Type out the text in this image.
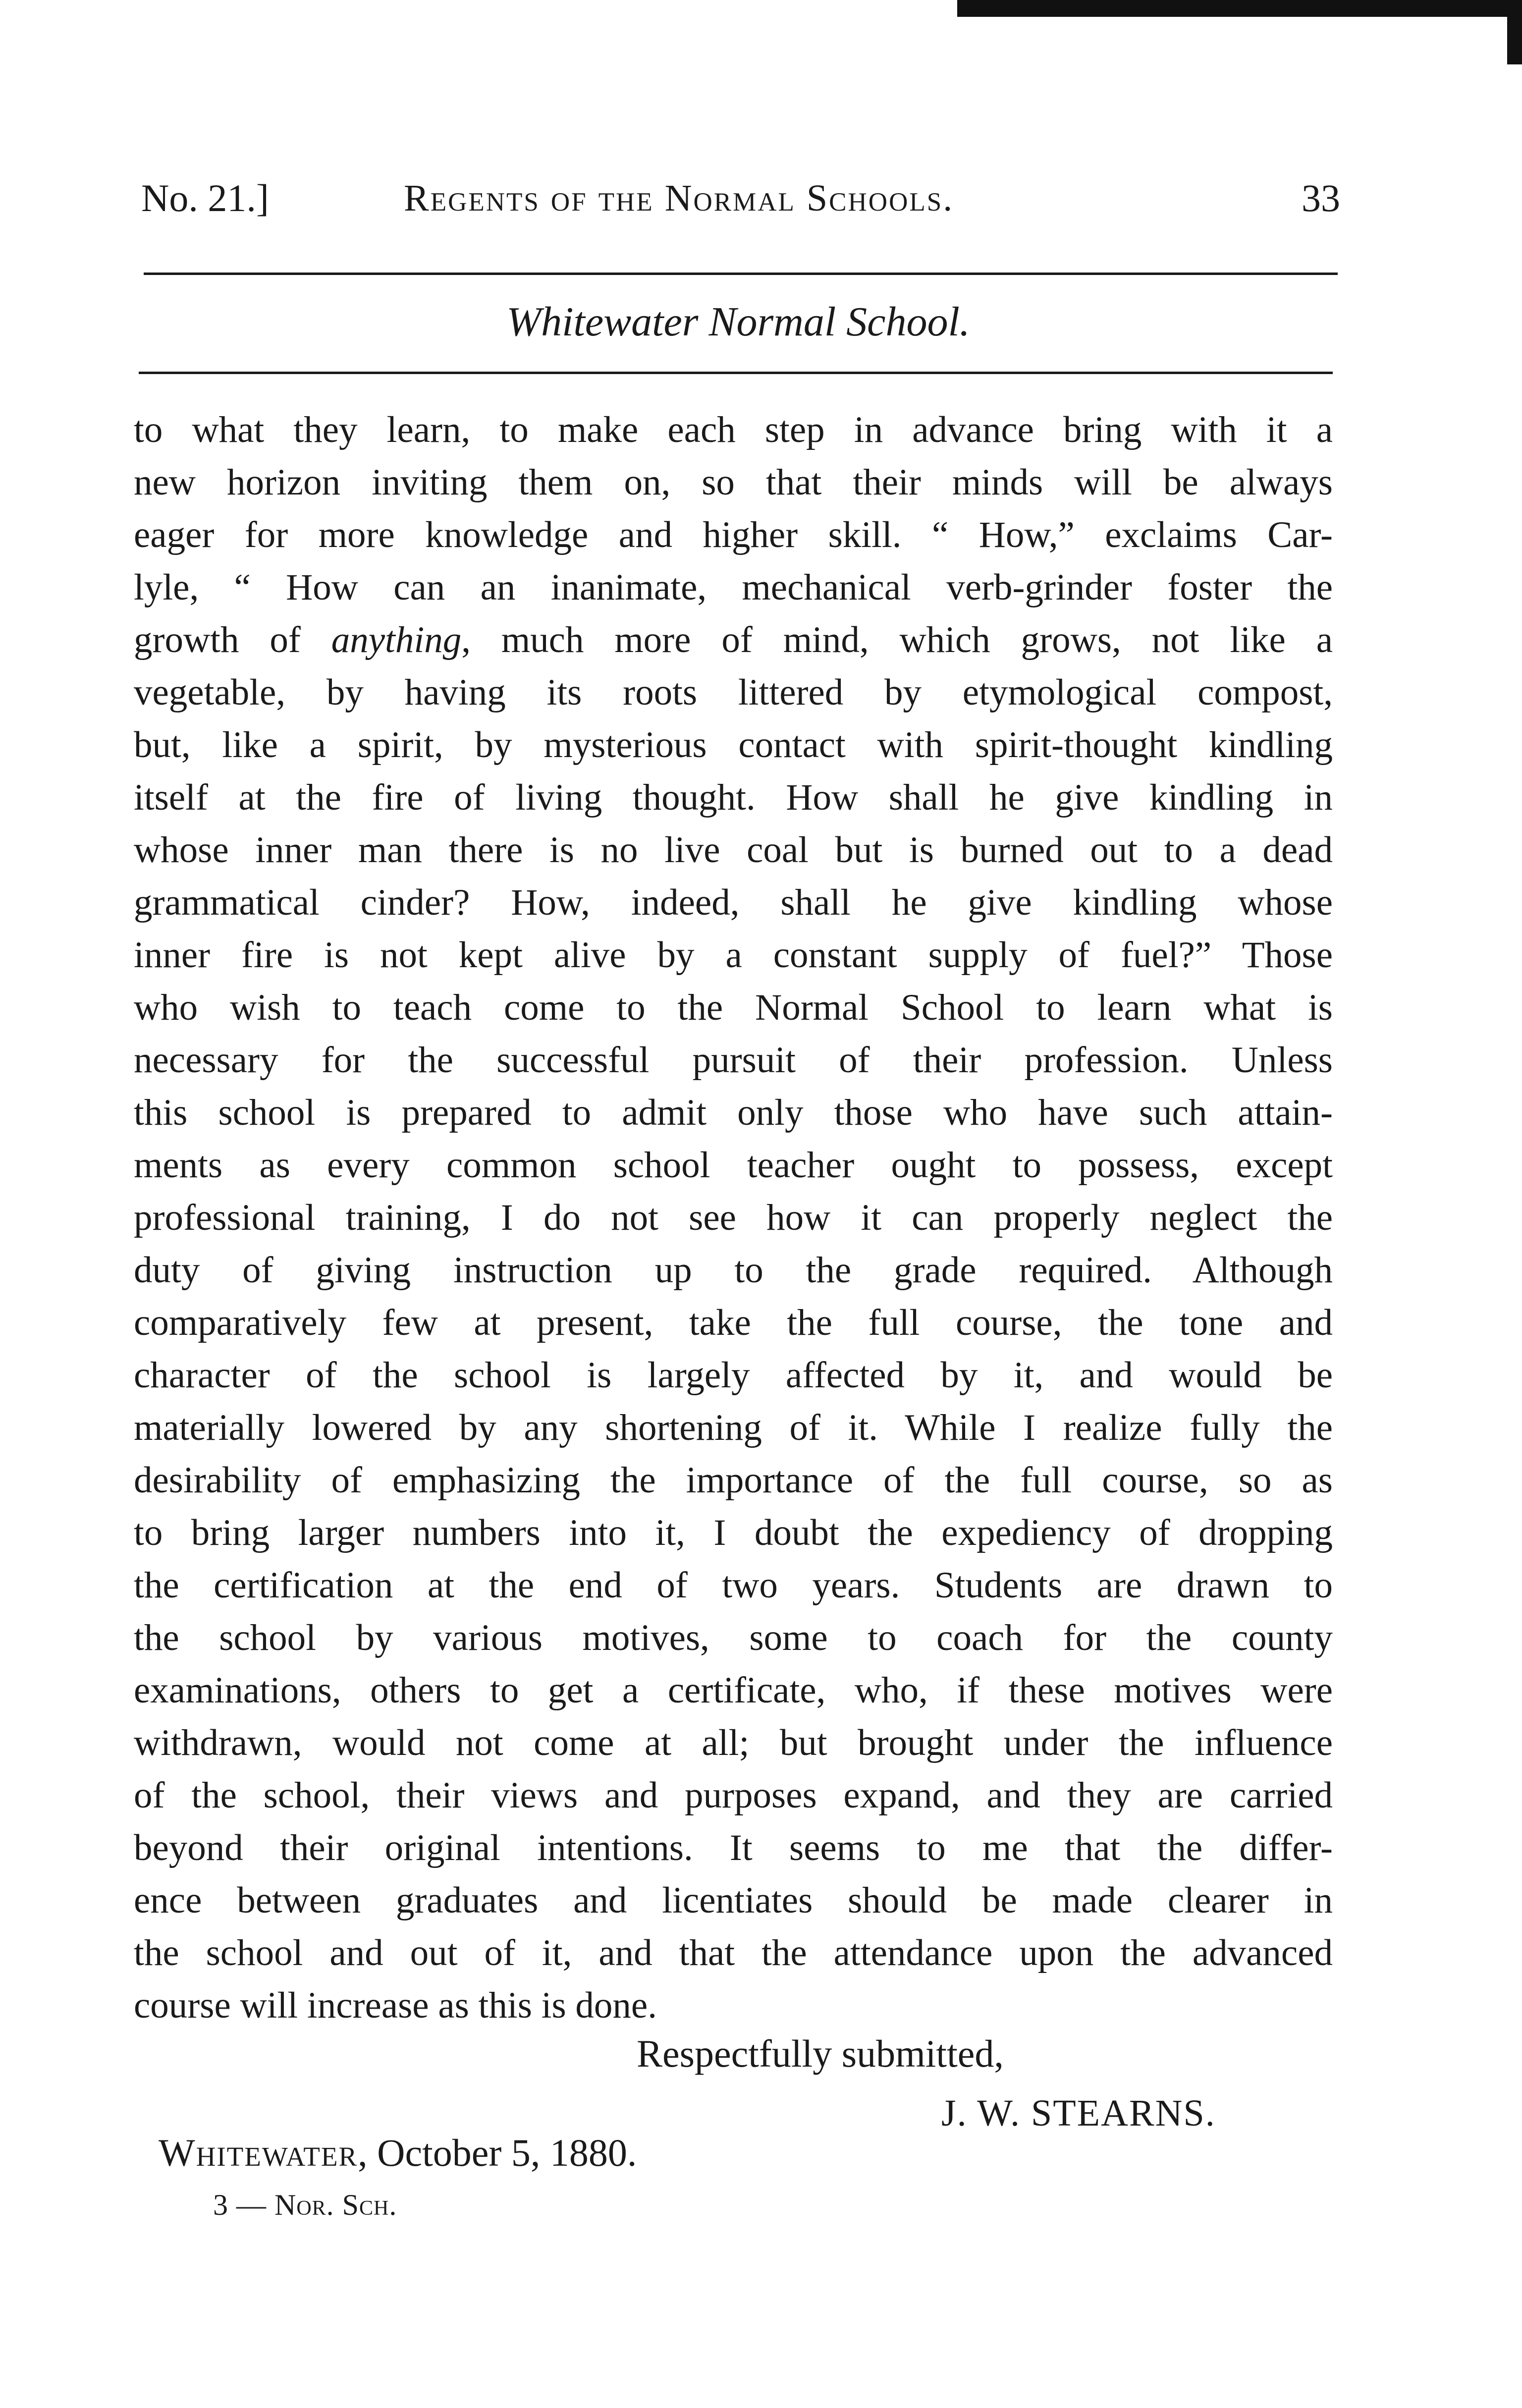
No. 21.]	Regents of the Normal Schools.	33
Whitewater Normal School.
to what they learn, to make each step in advance bring with it a
new horizon inviting them on, so that their minds will be always
eager for more knowledge and higher skill. “ How,” exclaims Car-
lyle, “ How can an inanimate, mechanical verb-grinder foster the
growth of anything, much more of mind, which grows, not like a
vegetable, by having its roots littered by etymological compost,
but, like a spirit, by mysterious contact with spirit-thought kindling
itself at the fire of living thought. How shall he give kindling in
whose inner man there is no live coal but is burned out to a dead
grammatical cinder? How, indeed, shall he give kindling whose
inner fire is not kept alive by a constant supply of fuel?” Those
who wish to teach come to the Normal School to learn what is
necessary for the successful pursuit of their profession. Unless
this school is prepared to admit only those who have such attain-
ments as every common school teacher ought to possess, except
professional training, I do not see how it can properly neglect the
duty of giving instruction up to the grade required. Although
comparatively few at present, take the full course, the tone and
character of the school is largely affected by it, and would be
materially lowered by any shortening of it. While I realize fully the
desirability of emphasizing the importance of the full course, so as
to bring larger numbers into it, I doubt the expediency of dropping
the certification at the end of two years. Students are drawn to
the school by various motives, some to coach for the county
examinations, others to get a certificate, who, if these motives were
withdrawn, would not come at all; but brought under the influence
of the school, their views and purposes expand, and they are carried
beyond their original intentions. It seems to me that the differ-
ence between graduates and licentiates should be made clearer in
the school and out of it, and that the attendance upon the advanced
course will increase as this is done.
Respectfully submitted,
J. W. STEARNS.
Whitewater, October 5, 1880.
3 — Nor. Sch.
